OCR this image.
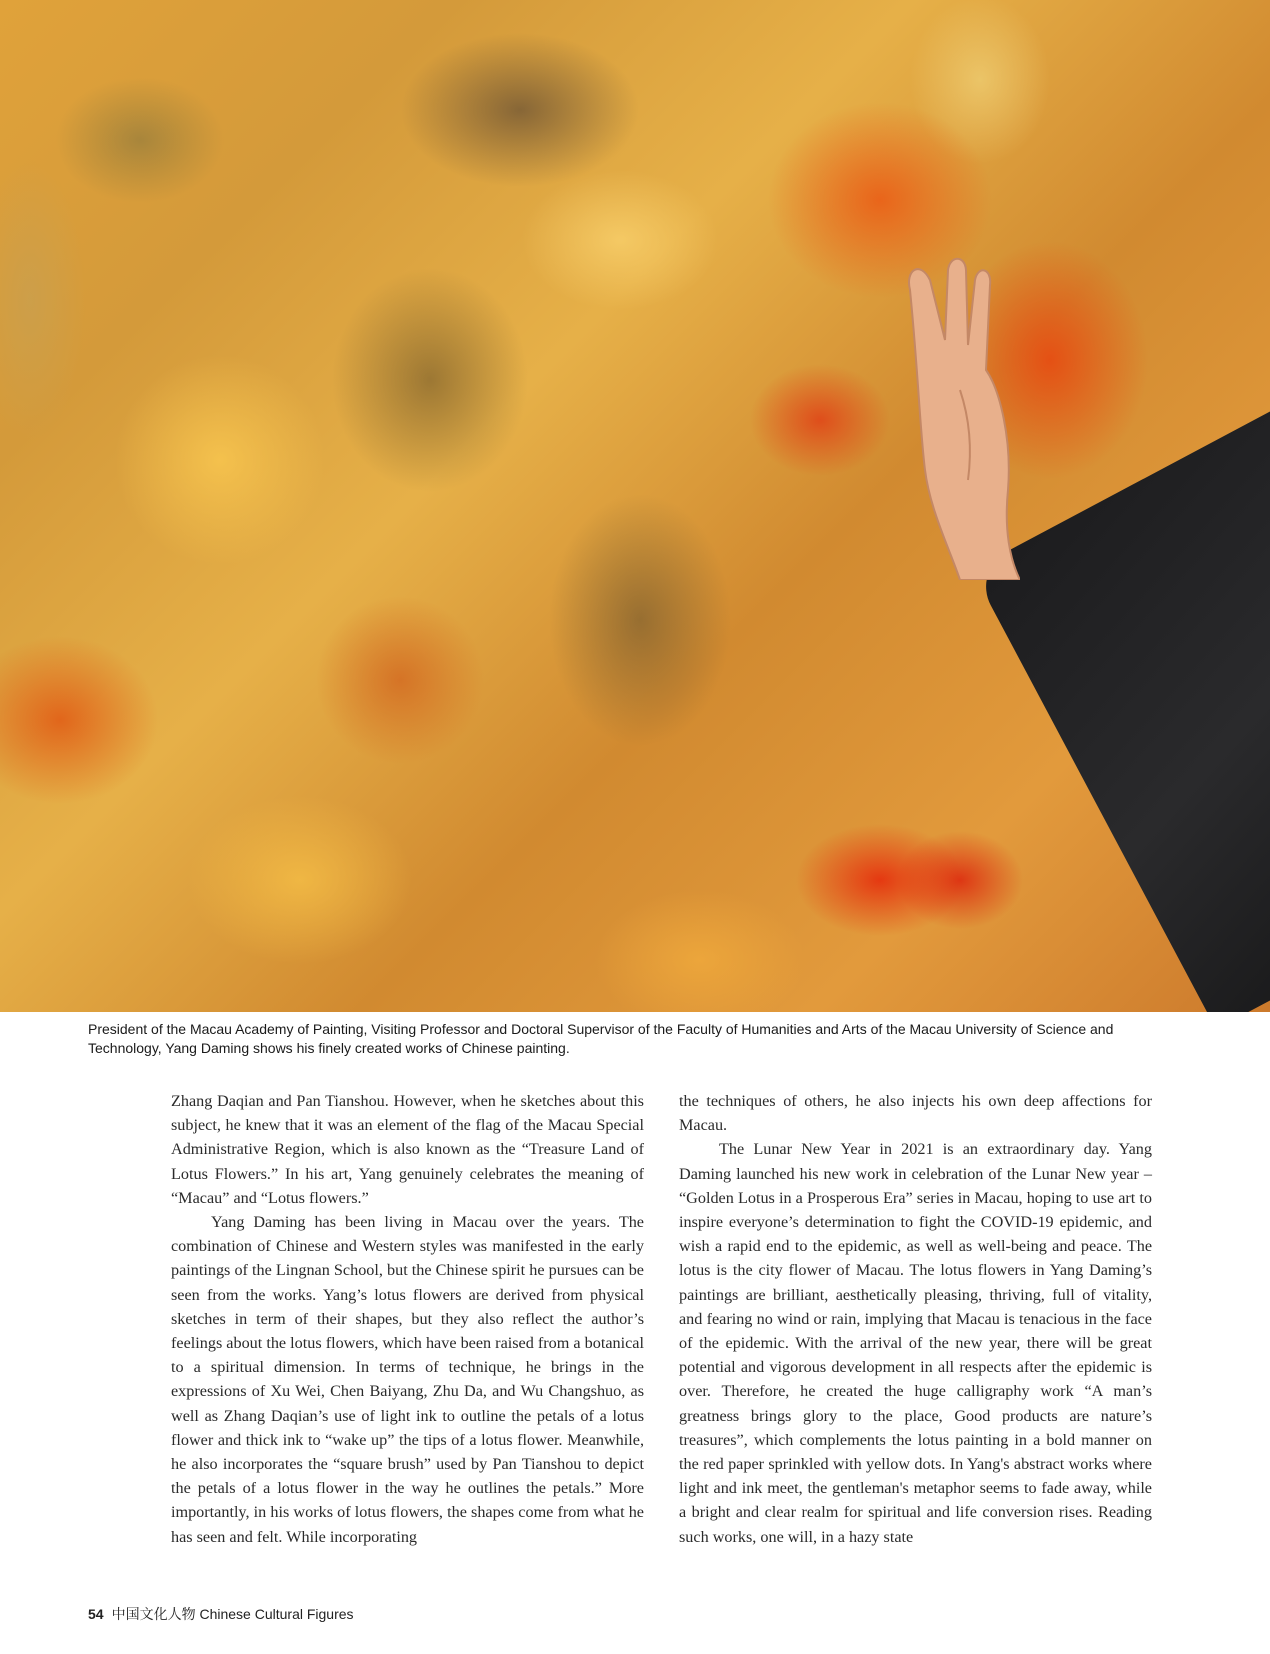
President of the Macau Academy of Painting, Visiting Professor and Doctoral Supervisor of the Faculty of Humanities and Arts of the Macau University of Science and Technology, Yang Daming shows his finely created works of Chinese painting.

Zhang Daqian and Pan Tianshou. However, when he sketches about this subject, he knew that it was an element of the flag of the Macau Special Administrative Region, which is also known as the “Treasure Land of Lotus Flowers.” In his art, Yang genuinely celebrates the meaning of “Macau” and “Lotus flowers.”

Yang Daming has been living in Macau over the years. The combination of Chinese and Western styles was manifested in the early paintings of the Lingnan School, but the Chinese spirit he pursues can be seen from the works. Yang’s lotus flowers are derived from physical sketches in term of their shapes, but they also reflect the author’s feelings about the lotus flowers, which have been raised from a botanical to a spiritual dimension. In terms of technique, he brings in the expressions of Xu Wei, Chen Baiyang, Zhu Da, and Wu Changshuo, as well as Zhang Daqian’s use of light ink to outline the petals of a lotus flower and thick ink to “wake up” the tips of a lotus flower. Meanwhile, he also incorporates the “square brush” used by Pan Tianshou to depict the petals of a lotus flower in the way he outlines the petals.” More importantly, in his works of lotus flowers, the shapes come from what he has seen and felt. While incorporating

the techniques of others, he also injects his own deep affections for Macau.

The Lunar New Year in 2021 is an extraordinary day. Yang Daming launched his new work in celebration of the Lunar New year – “Golden Lotus in a Prosperous Era” series in Macau, hoping to use art to inspire everyone’s determination to fight the COVID-19 epidemic, and wish a rapid end to the epidemic, as well as well-being and peace. The lotus is the city flower of Macau. The lotus flowers in Yang Daming’s paintings are brilliant, aesthetically pleasing, thriving, full of vitality, and fearing no wind or rain, implying that Macau is tenacious in the face of the epidemic. With the arrival of the new year, there will be great potential and vigorous development in all respects after the epidemic is over. Therefore, he created the huge calligraphy work “A man’s greatness brings glory to the place, Good products are nature’s treasures”, which complements the lotus painting in a bold manner on the red paper sprinkled with yellow dots. In Yang's abstract works where light and ink meet, the gentleman's metaphor seems to fade away, while a bright and clear realm for spiritual and life conversion rises. Reading such works, one will, in a hazy state

54 中国文化人物 Chinese Cultural Figures
